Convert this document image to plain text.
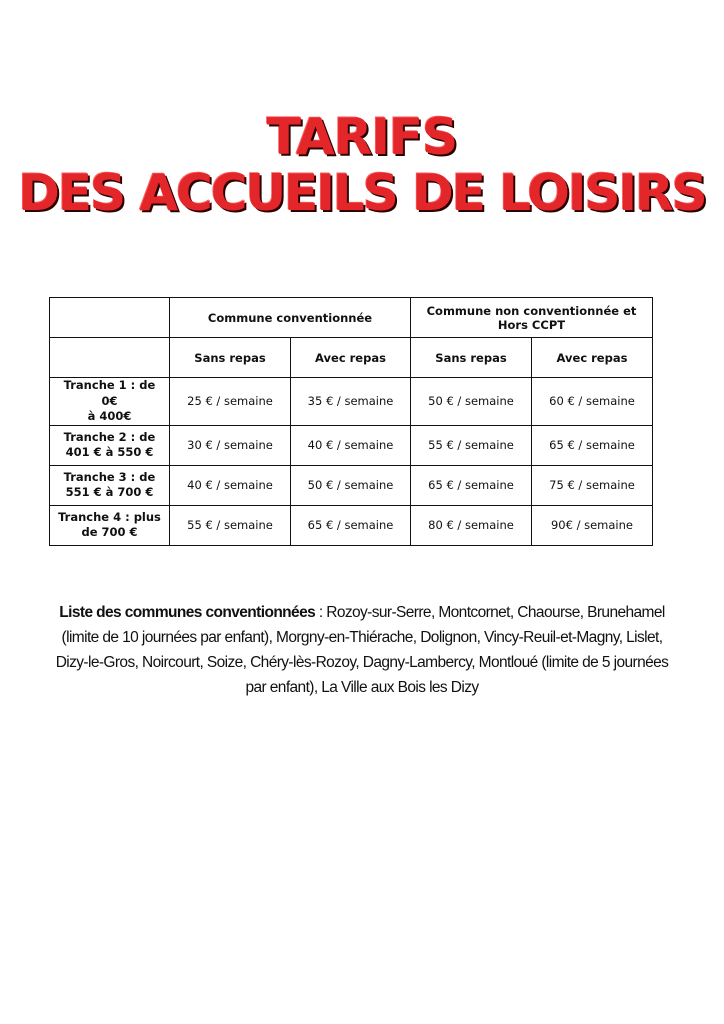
TARIFS
DES ACCUEILS DE LOISIRS
	Commune conventionnée		Commune non conventionnée et Hors CCPT	
	Sans repas	Avec repas	Sans repas	Avec repas
Tranche 1 : de 0€
à 400€	25 € / semaine	35 € / semaine	50 € / semaine	60 € / semaine
Tranche 2 : de
401 € à 550 €	30 € / semaine	40 € / semaine	55 € / semaine	65 € / semaine
Tranche 3 : de
551 € à 700 €	40 € / semaine	50 € / semaine	65 € / semaine	75 € / semaine
Tranche 4 : plus
de 700 €	55 € / semaine	65 € / semaine	80 € / semaine	90€ / semaine
Liste des communes conventionnées : Rozoy-sur-Serre, Montcornet, Chaourse, Brunehamel (limite de 10 journées par enfant), Morgny-en-Thiérache, Dolignon, Vincy-Reuil-et-Magny, Lislet, Dizy-le-Gros, Noircourt, Soize, Chéry-lès-Rozoy, Dagny-Lambercy, Montloué (limite de 5 journées par enfant), La Ville aux Bois les Dizy
